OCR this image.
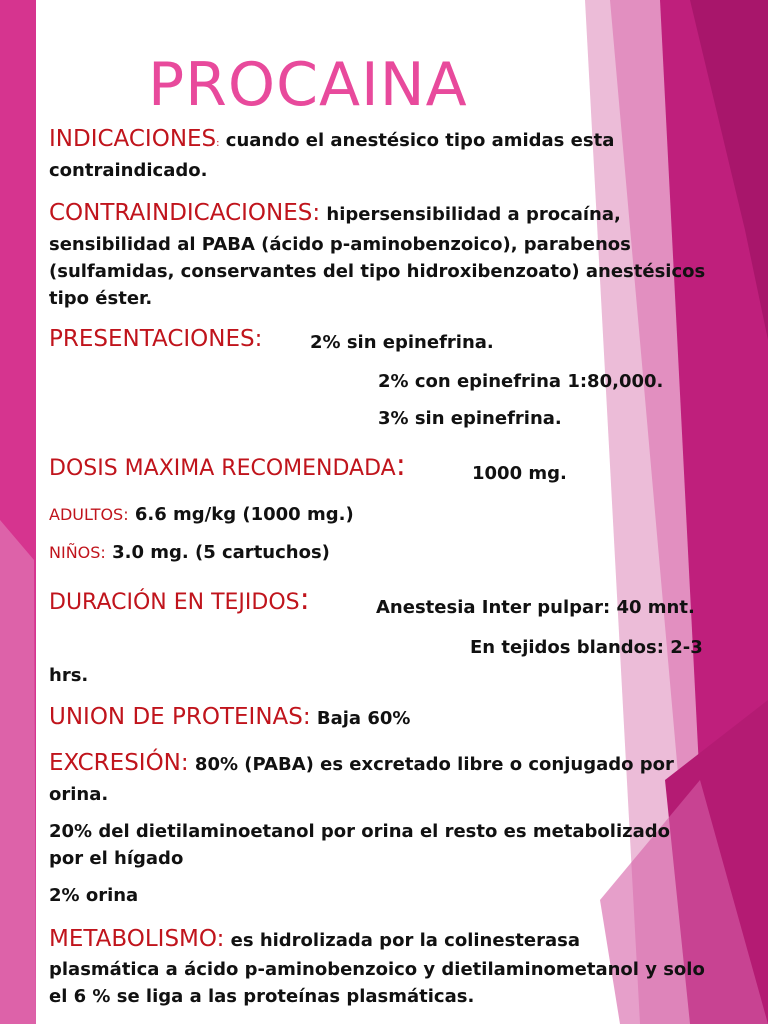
PROCAINA

INDICACIONES: cuando el anestésico tipo amidas esta

contraindicado.

CONTRAINDICACIONES: hipersensibilidad a procaína,

sensibilidad al PABA (ácido p-aminobenzoico), parabenos

(sulfamidas, conservantes del tipo hidroxibenzoato) anestésicos

tipo éster.

PRESENTACIONES:	2% sin epinefrina.

2% con epinefrina 1:80,000.

3% sin epinefrina.

DOSIS MAXIMA RECOMENDADA:	1000 mg.

ADULTOS: 6.6 mg/kg (1000 mg.)

NIÑOS: 3.0 mg. (5 cartuchos)

DURACIÓN EN TEJIDOS:	Anestesia Inter pulpar: 40 mnt.

En tejidos blandos: 2-3

hrs.

UNION DE PROTEINAS: Baja 60%

EXCRESIÓN: 80% (PABA) es excretado libre o conjugado por

orina.

20% del dietilaminoetanol por orina el resto es metabolizado

por el hígado

2% orina

METABOLISMO: es hidrolizada por la colinesterasa

plasmática a ácido p-aminobenzoico y dietilaminometanol y solo

el 6 % se liga a las proteínas plasmáticas.
